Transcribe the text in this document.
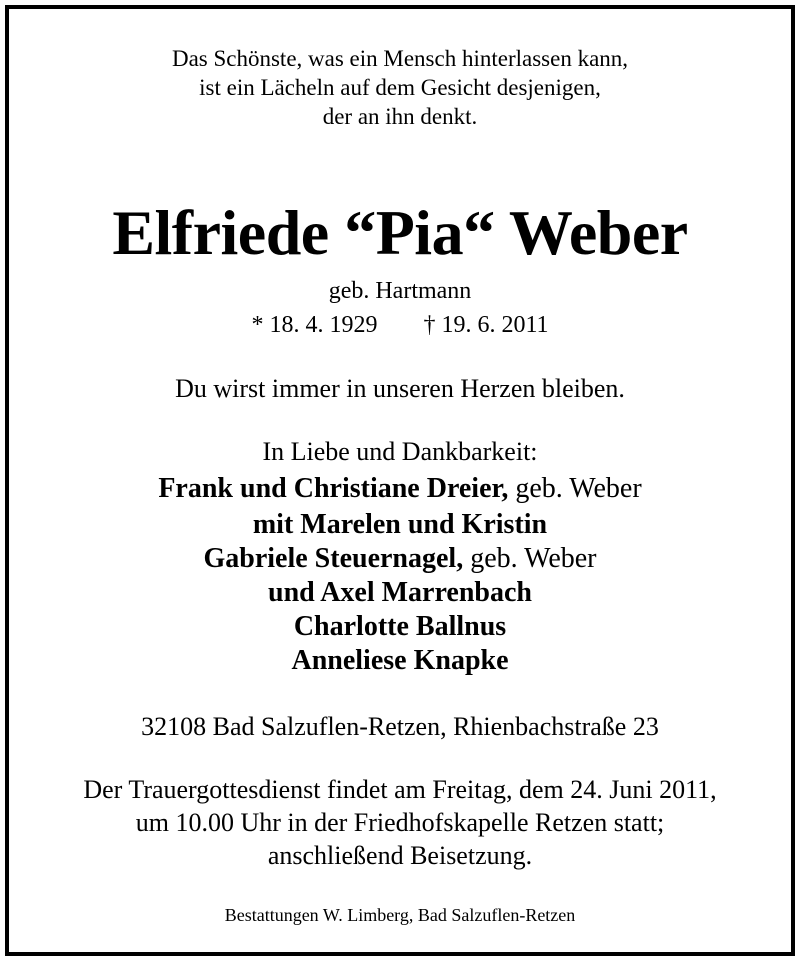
Das Schönste, was ein Mensch hinterlassen kann,
ist ein Lächeln auf dem Gesicht desjenigen,
der an ihn denkt.
Elfriede “Pia“ Weber
geb. Hartmann
* 18. 4. 1929 † 19. 6. 2011
Du wirst immer in unseren Herzen bleiben.
In Liebe und Dankbarkeit:
Frank und Christiane Dreier, geb. Weber
mit Marelen und Kristin
Gabriele Steuernagel, geb. Weber
und Axel Marrenbach
Charlotte Ballnus
Anneliese Knapke
32108 Bad Salzuflen-Retzen, Rhienbachstraße 23
Der Trauergottesdienst findet am Freitag, dem 24. Juni 2011,
um 10.00 Uhr in der Friedhofskapelle Retzen statt;
anschließend Beisetzung.
Bestattungen W. Limberg, Bad Salzuflen-Retzen
